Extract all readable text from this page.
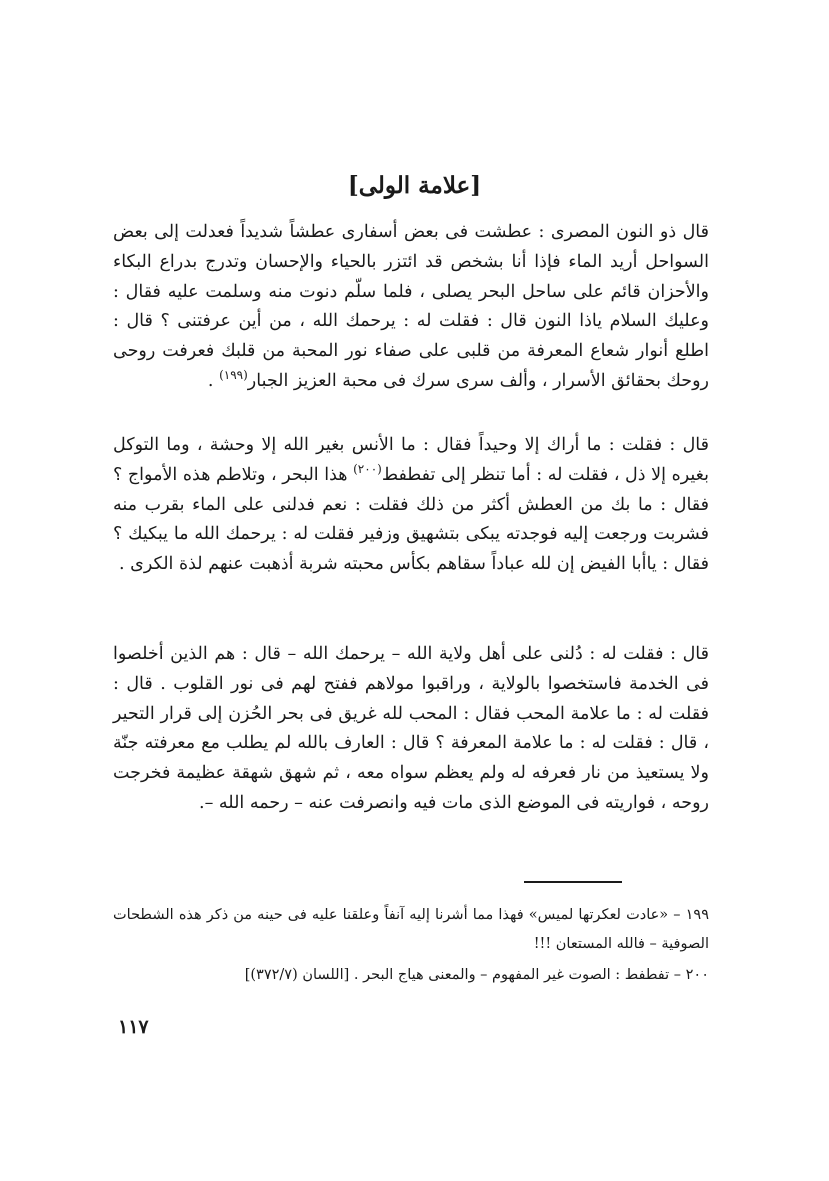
[علامة الولى]

قال ذو النون المصرى : عطشت فى بعض أسفارى عطشاً شديداً فعدلت إلى بعض السواحل أريد الماء فإذا أنا بشخص قد ائتزر بالحياء والإحسان وتدرج بدراع البكاء والأحزان قائم على ساحل البحر يصلى ، فلما سلّم دنوت منه وسلمت عليه فقال : وعليك السلام ياذا النون قال : فقلت له : يرحمك الله ، من أين عرفتنى ؟ قال : اطلع أنوار شعاع المعرفة من قلبى على صفاء نور المحبة من قلبك فعرفت روحى روحك بحقائق الأسرار ، وألف سرى سرك فى محبة العزيز الجبار$^{(١٩٩)}$ .

قال : فقلت : ما أراك إلا وحيداً فقال : ما الأنس بغير الله إلا وحشة ، وما التوكل بغيره إلا ذل ، فقلت له : أما تنظر إلى تفطفط$^{(٢٠٠)}$ هذا البحر ، وتلاطم هذه الأمواج ؟ فقال : ما بك من العطش أكثر من ذلك فقلت : نعم فدلنى على الماء بقرب منه فشربت ورجعت إليه فوجدته يبكى بتشهيق وزفير فقلت له : يرحمك الله ما يبكيك ؟ فقال : ياأبا الفيض إن لله عباداً سقاهم بكأس محبته شربة أذهبت عنهم لذة الكرى .

قال : فقلت له : دُلنى على أهل ولاية الله – يرحمك الله – قال : هم الذين أخلصوا فى الخدمة فاستخصوا بالولاية ، وراقبوا مولاهم ففتح لهم فى نور القلوب . قال : فقلت له : ما علامة المحب فقال : المحب لله غريق فى بحر الحُزن إلى قرار التحير ، قال : فقلت له : ما علامة المعرفة ؟ قال : العارف بالله لم يطلب مع معرفته جنّة ولا يستعيذ من نار فعرفه له ولم يعظم سواه معه ، ثم شهق شهقة عظيمة فخرجت روحه ، فواريته فى الموضع الذى مات فيه وانصرفت عنه – رحمه الله –.

١٩٩ – «عادت لعكرتها لميس» فهذا مما أشرنا إليه آنفاً وعلقنا عليه فى حينه من ذكر هذه الشطحات الصوفية – فالله المستعان !!!

٢٠٠ – تفطفط : الصوت غير المفهوم – والمعنى هياج البحر . [اللسان (٣٧٢/٧)]

١١٧
